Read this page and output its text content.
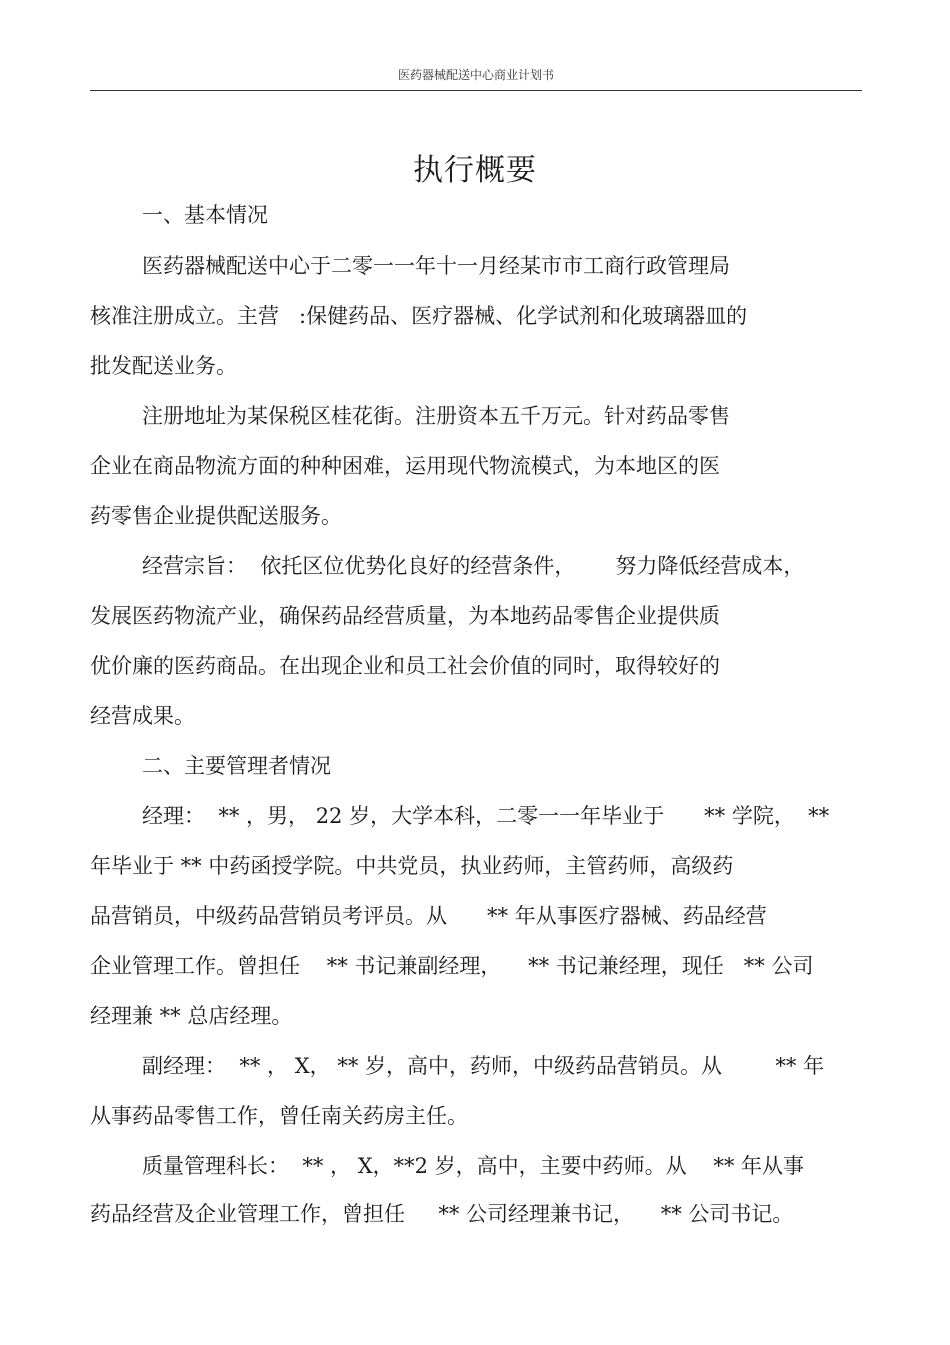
医药器械配送中心商业计划书
执行概要
一、基本情况
医药器械配送中心于二零一一年十一月经某市市工商行政管理局
核准注册成立。主营   :保健药品、医疗器械、化学试剂和化玻璃器皿的
批发配送业务。
注册地址为某保税区桂花街。注册资本五千万元。针对药品零售
企业在商品物流方面的种种困难，运用现代物流模式，为本地区的医
药零售企业提供配送服务。
经营宗旨：  依托区位优势化良好的经营条件，      努力降低经营成本，
发展医药物流产业，确保药品经营质量，为本地药品零售企业提供质
优价廉的医药商品。在出现企业和员工社会价值的同时，取得较好的
经营成果。
二、主要管理者情况
经理：  ** ，男， 22 岁，大学本科，二零一一年毕业于      ** 学院，  **
年毕业于 ** 中药函授学院。中共党员，执业药师，主管药师，高级药
品营销员，中级药品营销员考评员。从      ** 年从事医疗器械、药品经营
企业管理工作。曾担任    ** 书记兼副经理，    ** 书记兼经理，现任   ** 公司
经理兼 ** 总店经理。
副经理：  ** ， X， ** 岁，高中，药师，中级药品营销员。从        ** 年
从事药品零售工作，曾任南关药房主任。
质量管理科长：  ** ， X，**2 岁，高中，主要中药师。从    ** 年从事
药品经营及企业管理工作，曾担任     ** 公司经理兼书记，    ** 公司书记。
